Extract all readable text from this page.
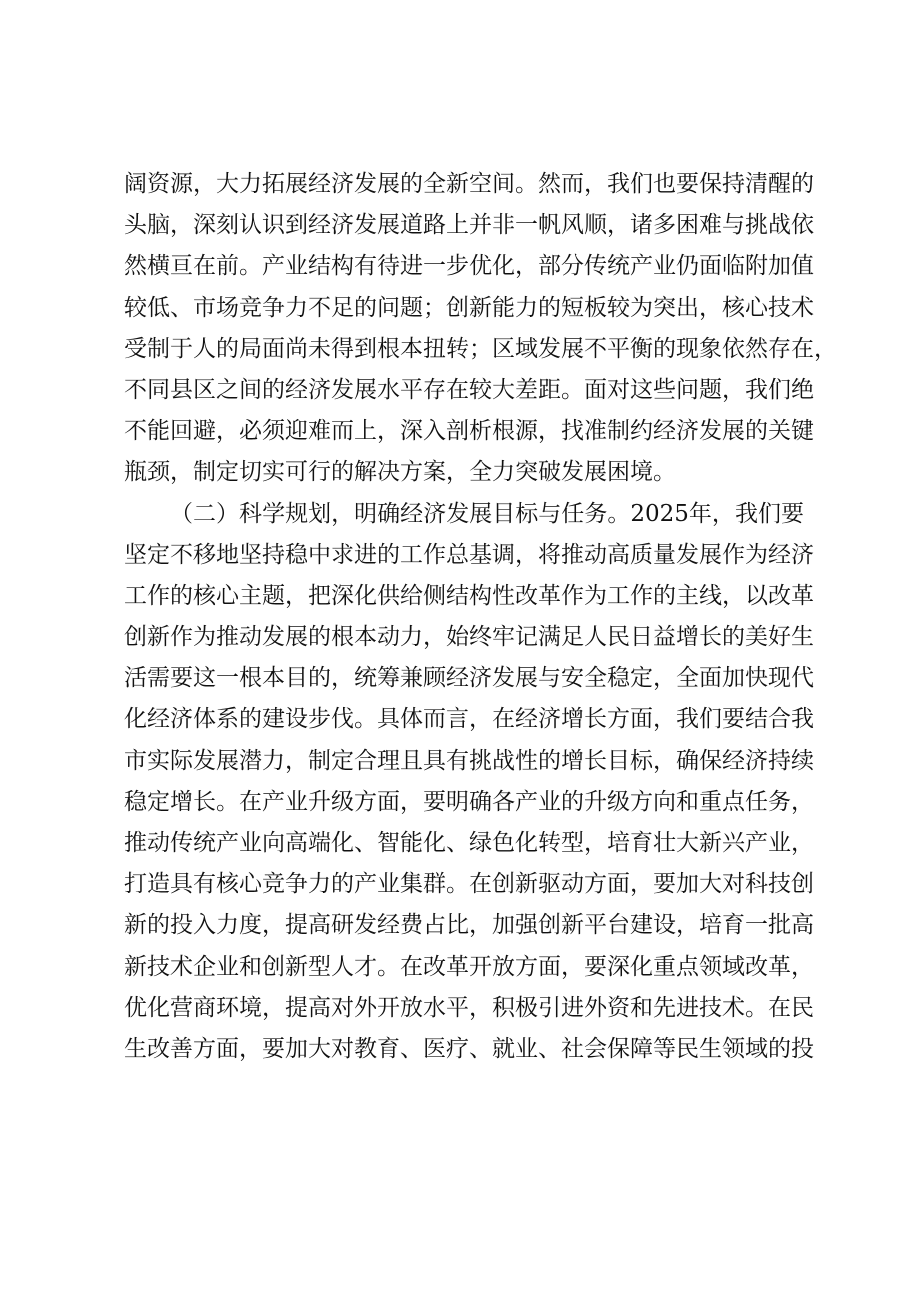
阔资源，大力拓展经济发展的全新空间。然而，我们也要保持清醒的
头脑，深刻认识到经济发展道路上并非一帆风顺，诸多困难与挑战依
然横亘在前。产业结构有待进一步优化，部分传统产业仍面临附加值
较低、市场竞争力不足的问题；创新能力的短板较为突出，核心技术
受制于人的局面尚未得到根本扭转；区域发展不平衡的现象依然存在，
不同县区之间的经济发展水平存在较大差距。面对这些问题，我们绝
不能回避，必须迎难而上，深入剖析根源，找准制约经济发展的关键
瓶颈，制定切实可行的解决方案，全力突破发展困境。
（二）科学规划，明确经济发展目标与任务。2025年，我们要
坚定不移地坚持稳中求进的工作总基调，将推动高质量发展作为经济
工作的核心主题，把深化供给侧结构性改革作为工作的主线，以改革
创新作为推动发展的根本动力，始终牢记满足人民日益增长的美好生
活需要这一根本目的，统筹兼顾经济发展与安全稳定，全面加快现代
化经济体系的建设步伐。具体而言，在经济增长方面，我们要结合我
市实际发展潜力，制定合理且具有挑战性的增长目标，确保经济持续
稳定增长。在产业升级方面，要明确各产业的升级方向和重点任务，
推动传统产业向高端化、智能化、绿色化转型，培育壮大新兴产业，
打造具有核心竞争力的产业集群。在创新驱动方面，要加大对科技创
新的投入力度，提高研发经费占比，加强创新平台建设，培育一批高
新技术企业和创新型人才。在改革开放方面，要深化重点领域改革，
优化营商环境，提高对外开放水平，积极引进外资和先进技术。在民
生改善方面，要加大对教育、医疗、就业、社会保障等民生领域的投
